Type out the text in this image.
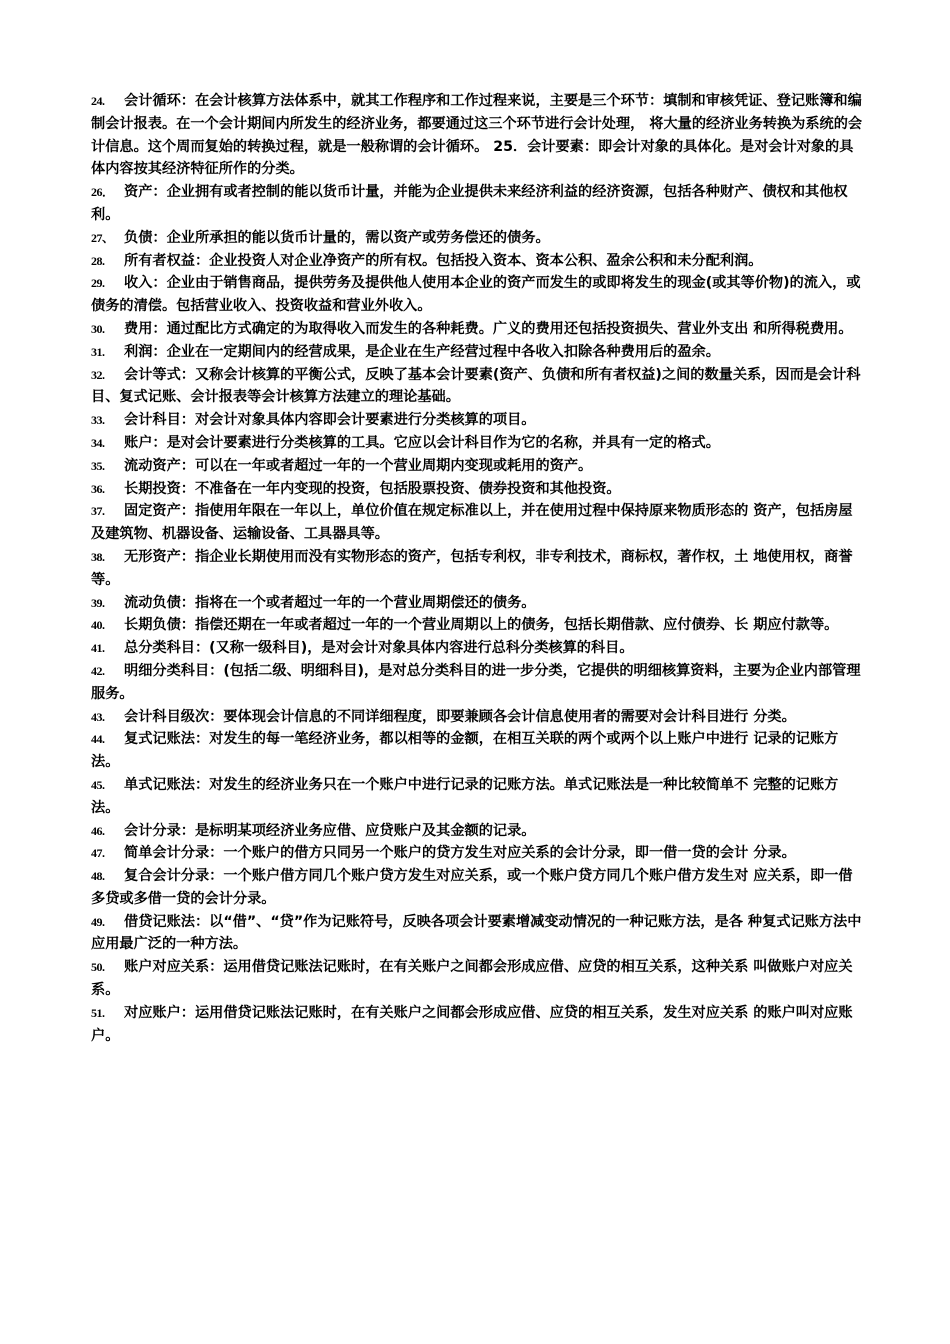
24. 会计循环：在会计核算方法体系中，就其工作程序和工作过程来说，主要是三个环节：填制和审核凭证、登记账簿和编制会计报表。在一个会计期间内所发生的经济业务，都要通过这三个环节进行会计处理， 将大量的经济业务转换为系统的会计信息。这个周而复始的转换过程，就是一般称谓的会计循环。 25．会计要素：即会计对象的具体化。是对会计对象的具体内容按其经济特征所作的分类。

26． 资产：企业拥有或者控制的能以货币计量，并能为企业提供未来经济利益的经济资源，包括各种财产、债权和其他权利。

27、 负债：企业所承担的能以货币计量的，需以资产或劳务偿还的债务。

28. 所有者权益：企业投资人对企业净资产的所有权。包括投入资本、资本公积、盈余公积和未分配利润。

29. 收入：企业由于销售商品，提供劳务及提供他人使用本企业的资产而发生的或即将发生的现金(或其等价物)的流入，或债务的清偿。包括营业收入、投资收益和营业外收入。

30. 费用：通过配比方式确定的为取得收入而发生的各种耗费。广义的费用还包括投资损失、营业外支出 和所得税费用。

31. 利润：企业在一定期间内的经营成果，是企业在生产经营过程中各收入扣除各种费用后的盈余。

32. 会计等式：又称会计核算的平衡公式，反映了基本会计要素(资产、负债和所有者权益)之间的数量关系，因而是会计科目、复式记账、会计报表等会计核算方法建立的理论基础。

33. 会计科目：对会计对象具体内容即会计要素进行分类核算的项目。

34. 账户：是对会计要素进行分类核算的工具。它应以会计科目作为它的名称，并具有一定的格式。

35. 流动资产：可以在一年或者超过一年的一个营业周期内变现或耗用的资产。

36. 长期投资：不准备在一年内变现的投资，包括股票投资、债券投资和其他投资。

37. 固定资产：指使用年限在一年以上，单位价值在规定标准以上，并在使用过程中保持原来物质形态的 资产，包括房屋及建筑物、机器设备、运输设备、工具器具等。

38. 无形资产：指企业长期使用而没有实物形态的资产，包括专利权，非专利技术，商标权，著作权，土 地使用权，商誉等。

39. 流动负债：指将在一个或者超过一年的一个营业周期偿还的债务。

40. 长期负债：指偿还期在一年或者超过一年的一个营业周期以上的债务，包括长期借款、应付债券、长 期应付款等。

41. 总分类科目：(又称一级科目)，是对会计对象具体内容进行总科分类核算的科目。

42. 明细分类科目：(包括二级、明细科目)，是对总分类科目的进一步分类，它提供的明细核算资料，主要为企业内部管理服务。

43. 会计科目级次：要体现会计信息的不同详细程度，即要兼顾各会计信息使用者的需要对会计科目进行 分类。

44. 复式记账法：对发生的每一笔经济业务，都以相等的金额，在相互关联的两个或两个以上账户中进行 记录的记账方法。

45. 单式记账法：对发生的经济业务只在一个账户中进行记录的记账方法。单式记账法是一种比较简单不 完整的记账方法。

46. 会计分录：是标明某项经济业务应借、应贷账户及其金额的记录。

47. 简单会计分录：一个账户的借方只同另一个账户的贷方发生对应关系的会计分录，即一借一贷的会计 分录。

48. 复合会计分录：一个账户借方同几个账户贷方发生对应关系，或一个账户贷方同几个账户借方发生对 应关系，即一借多贷或多借一贷的会计分录。

49. 借贷记账法：以“借”、“贷”作为记账符号，反映各项会计要素增减变动情况的一种记账方法，是各 种复式记账方法中应用最广泛的一种方法。

50. 账户对应关系：运用借贷记账法记账时，在有关账户之间都会形成应借、应贷的相互关系，这种关系 叫做账户对应关系。

51. 对应账户：运用借贷记账法记账时，在有关账户之间都会形成应借、应贷的相互关系，发生对应关系 的账户叫对应账户。
